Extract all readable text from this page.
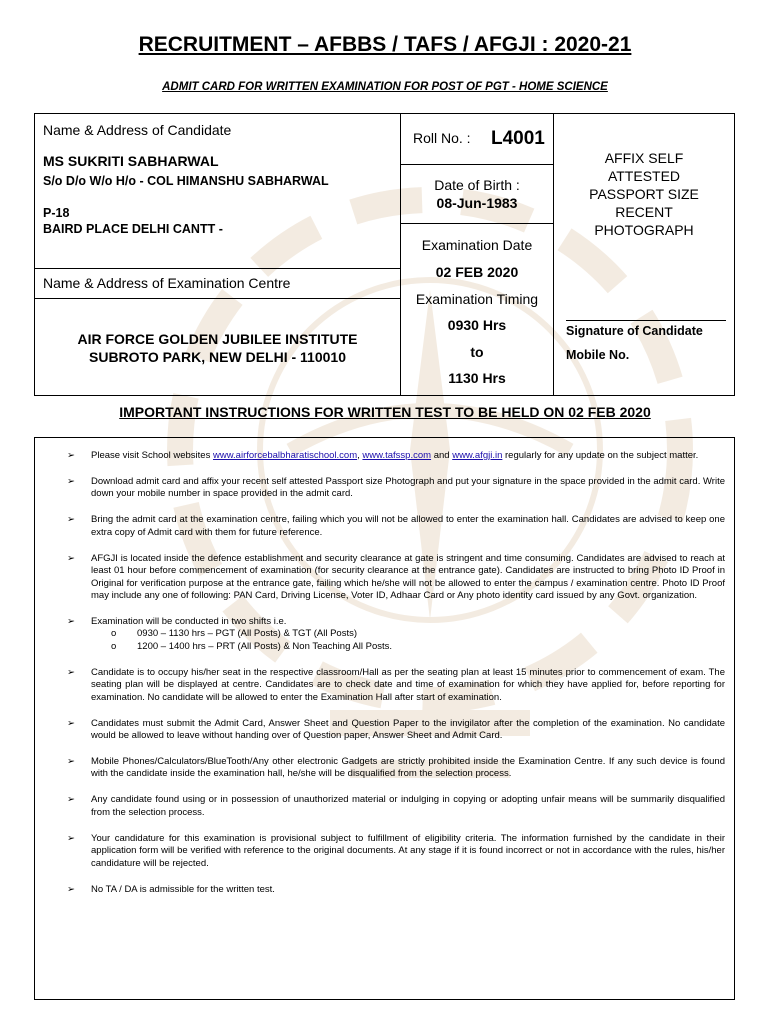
RECRUITMENT – AFBBS / TAFS / AFGJI : 2020-21
ADMIT CARD FOR WRITTEN EXAMINATION FOR POST OF PGT - HOME SCIENCE
Name & Address of Candidate
MS SUKRITI SABHARWAL
S/o D/o W/o H/o - COL HIMANSHU SABHARWAL
P-18
BAIRD PLACE DELHI CANTT -
Name & Address of Examination Centre
AIR FORCE GOLDEN JUBILEE INSTITUTE
SUBROTO PARK, NEW DELHI - 110010
Roll No. : L4001
Date of Birth :
08-Jun-1983
Examination Date
02 FEB 2020
Examination Timing
0930 Hrs
to
1130 Hrs
AFFIX SELF
ATTESTED
PASSPORT SIZE
RECENT
PHOTOGRAPH
Signature of Candidate
Mobile No.
IMPORTANT INSTRUCTIONS FOR WRITTEN TEST TO BE HELD ON 02 FEB 2020
➢ Please visit School websites www.airforcebalbharatischool.com, www.tafssp.com and www.afgji.in regularly for any update on the subject matter.
➢ Download admit card and affix your recent self attested Passport size Photograph and put your signature in the space provided in the admit card. Write down your mobile number in space provided in the admit card.
➢ Bring the admit card at the examination centre, failing which you will not be allowed to enter the examination hall. Candidates are advised to keep one extra copy of Admit card with them for future reference.
➢ AFGJI is located inside the defence establishment and security clearance at gate is stringent and time consuming. Candidates are advised to reach at least 01 hour before commencement of examination (for security clearance at the entrance gate). Candidates are instructed to bring Photo ID Proof in Original for verification purpose at the entrance gate, failing which he/she will not be allowed to enter the campus / examination centre. Photo ID Proof may include any one of following: PAN Card, Driving License, Voter ID, Adhaar Card or Any photo identity card issued by any Govt. organization.
➢ Examination will be conducted in two shifts i.e.
o 0930 – 1130 hrs – PGT (All Posts) & TGT (All Posts)
o 1200 – 1400 hrs – PRT (All Posts) & Non Teaching All Posts.
➢ Candidate is to occupy his/her seat in the respective classroom/Hall as per the seating plan at least 15 minutes prior to commencement of exam. The seating plan will be displayed at centre. Candidates are to check date and time of examination for which they have applied for, before reporting for examination. No candidate will be allowed to enter the Examination Hall after start of examination.
➢ Candidates must submit the Admit Card, Answer Sheet and Question Paper to the invigilator after the completion of the examination. No candidate would be allowed to leave without handing over of Question paper, Answer Sheet and Admit Card.
➢ Mobile Phones/Calculators/BlueTooth/Any other electronic Gadgets are strictly prohibited inside the Examination Centre. If any such device is found with the candidate inside the examination hall, he/she will be disqualified from the selection process.
➢ Any candidate found using or in possession of unauthorized material or indulging in copying or adopting unfair means will be summarily disqualified from the selection process.
➢ Your candidature for this examination is provisional subject to fulfillment of eligibility criteria. The information furnished by the candidate in their application form will be verified with reference to the original documents. At any stage if it is found incorrect or not in accordance with the rules, his/her candidature will be rejected.
➢ No TA / DA is admissible for the written test.
